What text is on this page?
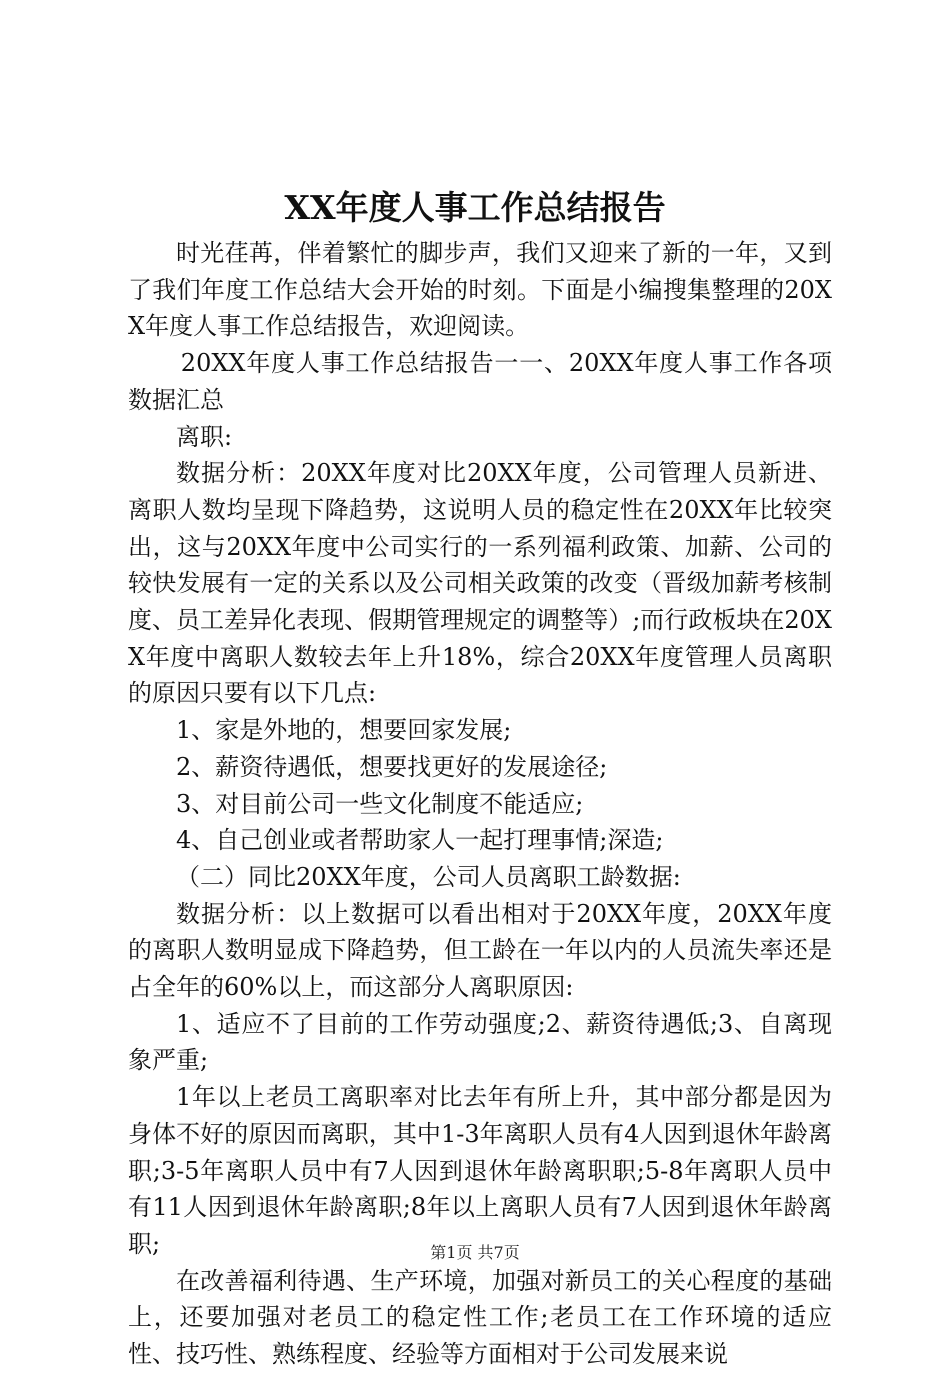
XX年度人事工作总结报告

时光荏苒，伴着繁忙的脚步声，我们又迎来了新的一年，又到了我们年度工作总结大会开始的时刻。下面是小编搜集整理的20XX年度人事工作总结报告，欢迎阅读。

20XX年度人事工作总结报告一一、20XX年度人事工作各项数据汇总

离职:

数据分析：20XX年度对比20XX年度，公司管理人员新进、离职人数均呈现下降趋势，这说明人员的稳定性在20XX年比较突出，这与20XX年度中公司实行的一系列福利政策、加薪、公司的较快发展有一定的关系以及公司相关政策的改变（晋级加薪考核制度、员工差异化表现、假期管理规定的调整等）;而行政板块在20XX年度中离职人数较去年上升18%，综合20XX年度管理人员离职的原因只要有以下几点:

1、家是外地的，想要回家发展;

2、薪资待遇低，想要找更好的发展途径;

3、对目前公司一些文化制度不能适应;

4、自己创业或者帮助家人一起打理事情;深造;

（二）同比20XX年度，公司人员离职工龄数据:

数据分析：以上数据可以看出相对于20XX年度，20XX年度的离职人数明显成下降趋势，但工龄在一年以内的人员流失率还是占全年的60%以上，而这部分人离职原因:

1、适应不了目前的工作劳动强度;2、薪资待遇低;3、自离现象严重;

1年以上老员工离职率对比去年有所上升，其中部分都是因为身体不好的原因而离职，其中1-3年离职人员有4人因到退休年龄离职;3-5年离职人员中有7人因到退休年龄离职职;5-8年离职人员中有11人因到退休年龄离职;8年以上离职人员有7人因到退休年龄离职;

在改善福利待遇、生产环境，加强对新员工的关心程度的基础上，还要加强对老员工的稳定性工作;老员工在工作环境的适应性、技巧性、熟练程度、经验等方面相对于公司发展来说

第1页 共7页
